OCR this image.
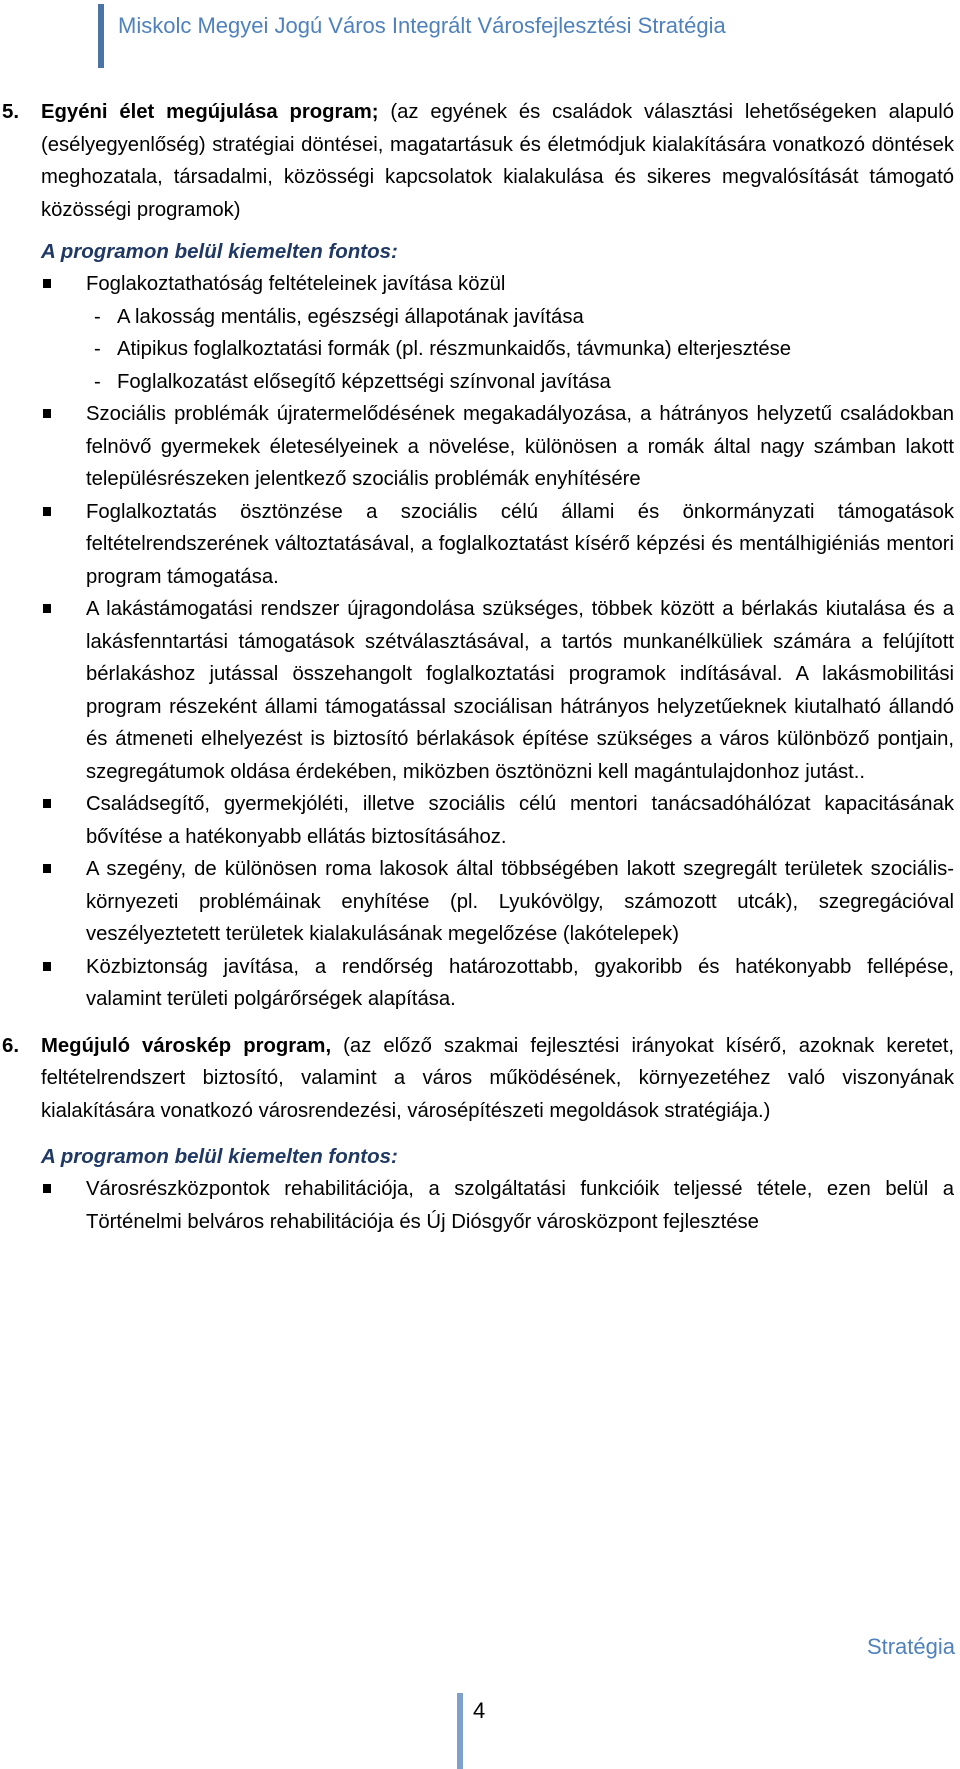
Miskolc Megyei Jogú Város Integrált Városfejlesztési Stratégia
5. Egyéni élet megújulása program; (az egyének és családok választási lehetőségeken alapuló (esélyegyenlőség) stratégiai döntései, magatartásuk és életmódjuk kialakítására vonatkozó döntések meghozatala, társadalmi, közösségi kapcsolatok kialakulása és sikeres megvalósítását támogató közösségi programok)

A programon belül kiemelten fontos:

Foglakoztathatóság feltételeinek javítása közül
- A lakosság mentális, egészségi állapotának javítása
- Atipikus foglalkoztatási formák (pl. részmunkaidős, távmunka) elterjesztése
- Foglalkozatást elősegítő képzettségi színvonal javítása
Szociális problémák újratermelődésének megakadályozása, a hátrányos helyzetű családokban felnövő gyermekek életesélyeinek a növelése, különösen a romák által nagy számban lakott településrészeken jelentkező szociális problémák enyhítésére
Foglalkoztatás ösztönzése a szociális célú állami és önkormányzati támogatások feltételrendszerének változtatásával, a foglalkoztatást kísérő képzési és mentálhigiéniás mentori program támogatása.
A lakástámogatási rendszer újragondolása szükséges, többek között a bérlakás kiutalása és a lakásfenntartási támogatások szétválasztásával, a tartós munkanélküliek számára a felújított bérlakáshoz jutással összehangolt foglalkoztatási programok indításával. A lakásmobilitási program részeként állami támogatással szociálisan hátrányos helyzetűeknek kiutalható állandó és átmeneti elhelyezést is biztosító bérlakások építése szükséges a város különböző pontjain, szegregátumok oldása érdekében, miközben ösztönözni kell magántulajdonhoz jutást..
Családsegítő, gyermekjóléti, illetve szociális célú mentori tanácsadóhálózat kapacitásának bővítése a hatékonyabb ellátás biztosításához.
A szegény, de különösen roma lakosok által többségében lakott szegregált területek szociális-környezeti problémáinak enyhítése (pl. Lyukóvölgy, számozott utcák), szegregációval veszélyeztetett területek kialakulásának megelőzése (lakótelepek)
Közbiztonság javítása, a rendőrség határozottabb, gyakoribb és hatékonyabb fellépése, valamint területi polgárőrségek alapítása.
6. Megújuló városkép program, (az előző szakmai fejlesztési irányokat kísérő, azoknak keretet, feltételrendszert biztosító, valamint a város működésének, környezetéhez való viszonyának kialakítására vonatkozó városrendezési, városépítészeti megoldások stratégiája.)

A programon belül kiemelten fontos:

Városrészközpontok rehabilitációja, a szolgáltatási funkcióik teljessé tétele, ezen belül a Történelmi belváros rehabilitációja és Új Diósgyőr városközpont fejlesztése
Stratégia
4
